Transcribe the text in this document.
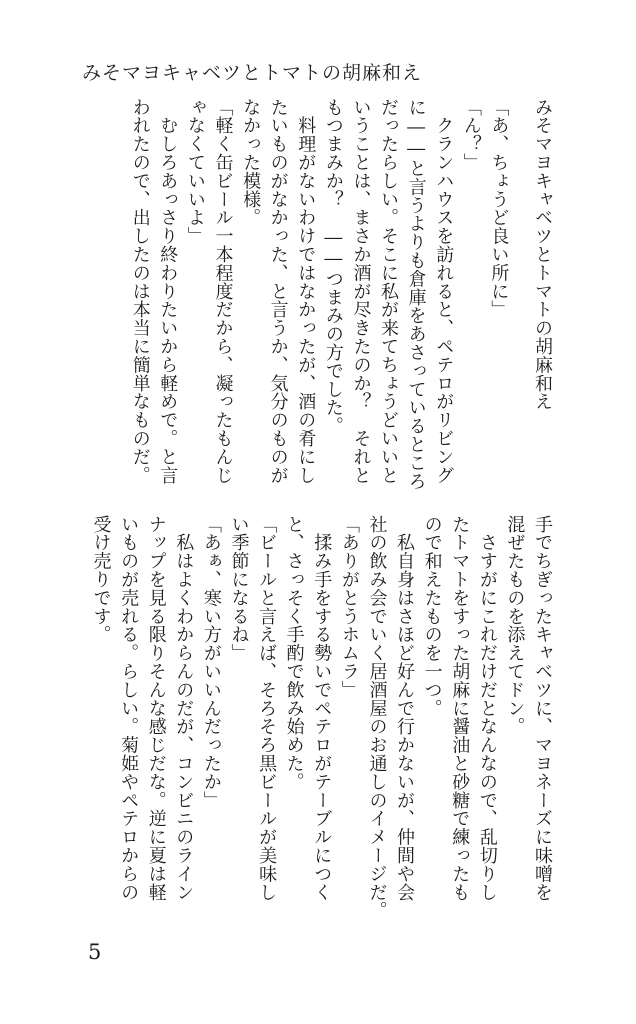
みそマヨキャベツとトマトの胡麻和え
みそマヨキャベツとトマトの胡麻和え
「あ、ちょうど良い所に」
「ん？」
　クランハウスを訪れると、ペテロがリビング
に――と言うよりも倉庫をあさっているところ
だったらしい。そこに私が来てちょうどいいと
いうことは、まさか酒が尽きたのか？　それと
もつまみか？　――つまみの方でした。
　料理がないわけではなかったが、酒の肴にし
たいものがなかった、と言うか、気分のものが
なかった模様。
「軽く缶ビール一本程度だから、凝ったもんじ
ゃなくていいよ」
　むしろあっさり終わりたいから軽めで。と言
われたので、出したのは本当に簡単なものだ。
手でちぎったキャベツに、マヨネーズに味噌を
混ぜたものを添えてドン。
　さすがにこれだけだとなんなので、乱切りし
たトマトをすった胡麻に醤油と砂糖で練ったも
ので和えたものを一つ。
　私自身はさほど好んで行かないが、仲間や会
社の飲み会でいく居酒屋のお通しのイメージだ。
「ありがとうホムラ」
　揉み手をする勢いでペテロがテーブルにつく
と、さっそく手酌で飲み始めた。
「ビールと言えば、そろそろ黒ビールが美味し
い季節になるね」
「あぁ、寒い方がいいんだったか」
　私はよくわからんのだが、コンビニのライン
ナップを見る限りそんな感じだな。逆に夏は軽
いものが売れる。らしい。菊姫やペテロからの
受け売りです。
5
